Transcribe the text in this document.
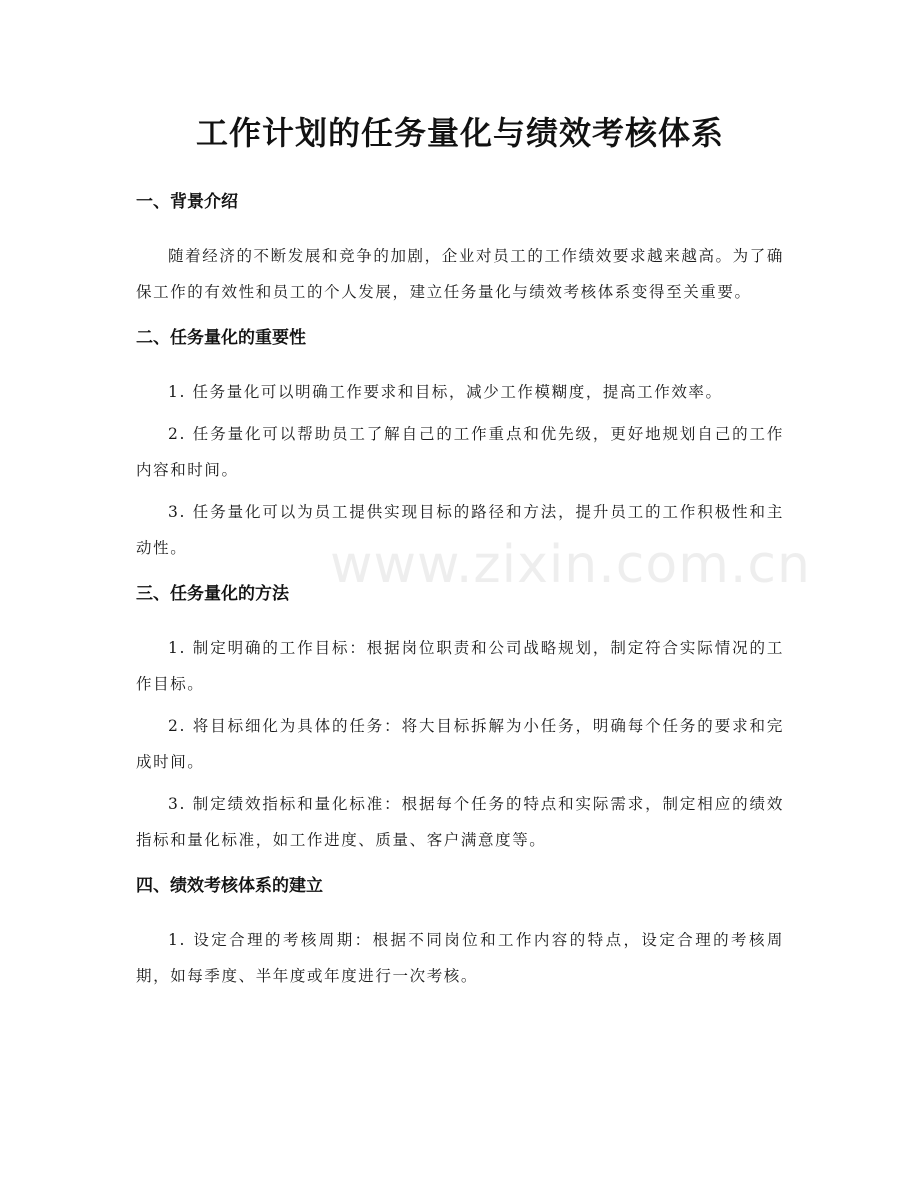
工作计划的任务量化与绩效考核体系
www.zixin.com.cn
一、背景介绍

随着经济的不断发展和竞争的加剧，企业对员工的工作绩效要求越来越高。为了确保工作的有效性和员工的个人发展，建立任务量化与绩效考核体系变得至关重要。

二、任务量化的重要性

1. 任务量化可以明确工作要求和目标，减少工作模糊度，提高工作效率。

2. 任务量化可以帮助员工了解自己的工作重点和优先级，更好地规划自己的工作内容和时间。

3. 任务量化可以为员工提供实现目标的路径和方法，提升员工的工作积极性和主动性。

三、任务量化的方法

1. 制定明确的工作目标：根据岗位职责和公司战略规划，制定符合实际情况的工作目标。

2. 将目标细化为具体的任务：将大目标拆解为小任务，明确每个任务的要求和完成时间。

3. 制定绩效指标和量化标准：根据每个任务的特点和实际需求，制定相应的绩效指标和量化标准，如工作进度、质量、客户满意度等。

四、绩效考核体系的建立

1. 设定合理的考核周期：根据不同岗位和工作内容的特点，设定合理的考核周期，如每季度、半年度或年度进行一次考核。
